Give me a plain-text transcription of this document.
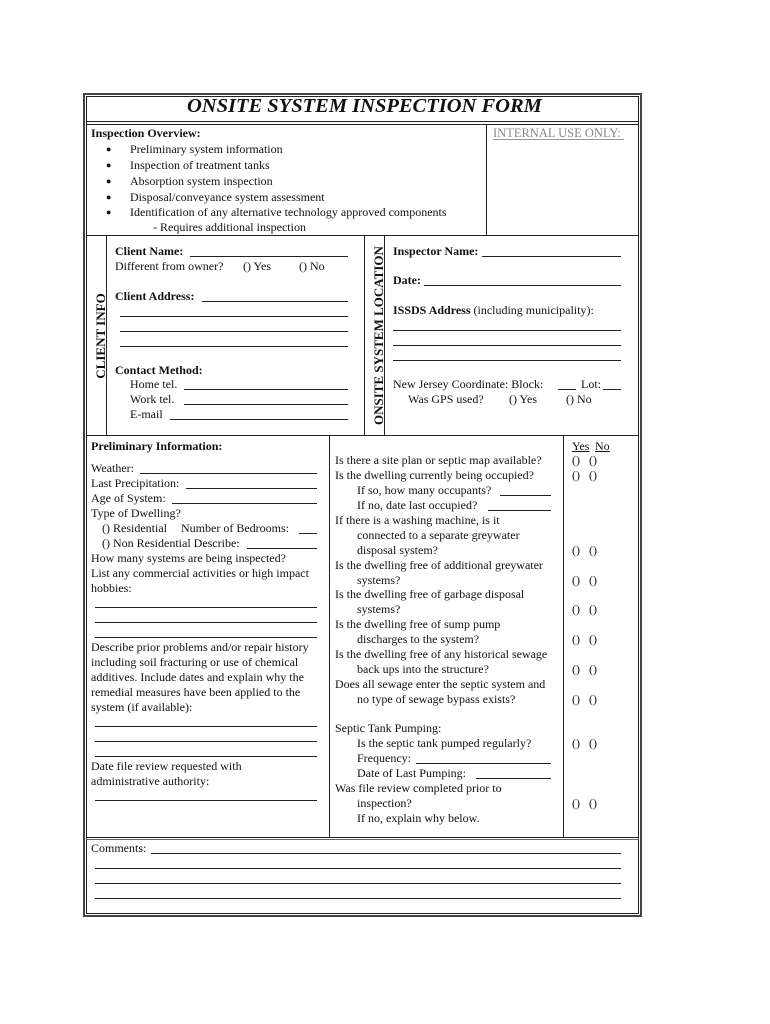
ONSITE SYSTEM INSPECTION FORM
INTERNAL USE ONLY:
Inspection Overview:
● Preliminary system information
● Inspection of treatment tanks
● Absorption system inspection
● Disposal/conveyance system assessment
● Identification of any alternative technology approved components
- Requires additional inspection
CLIENT INFO
Client Name:
Different from owner? () Yes () No
Client Address:
Contact Method:
Home tel.
Work tel.
E-mail	ONSITE SYSTEM LOCATION Inspector Name:
Date:
ISSDS Address (including municipality):
New Jersey Coordinate: Block:	Lot:
Was GPS used? () Yes () No
Preliminary Information:
Weather:
Last Precipitation:
Age of System:
Type of Dwelling?
() Residential Number of Bedrooms:
() Non Residential Describe:
How many systems are being inspected?
List any commercial activities or high impact
hobbies:
Describe prior problems and/or repair history
including soil fracturing or use of chemical
additives. Include dates and explain why the
remedial measures have been applied to the
system (if available):
Date file review requested with
administrative authority:
Yes No
Is there a site plan or septic map available?
Is the dwelling currently being occupied?
If so, how many occupants?
If no, date last occupied?
If there is a washing machine, is it
connected to a separate greywater
disposal system?
Is the dwelling free of additional greywater
systems?
Is the dwelling free of garbage disposal
systems?
Is the dwelling free of sump pump
discharges to the system?
Is the dwelling free of any historical sewage
back ups into the structure?
Does all sewage enter the septic system and
no type of sewage bypass exists?
Septic Tank Pumping:
Is the septic tank pumped regularly?
Frequency:
Date of Last Pumping:
Was file review completed prior to
inspection?
If no, explain why below.
()   ()
()   ()
()   ()
()   ()
()   ()
()   ()
()   ()
()   ()
()   ()
()   ()
Comments:
